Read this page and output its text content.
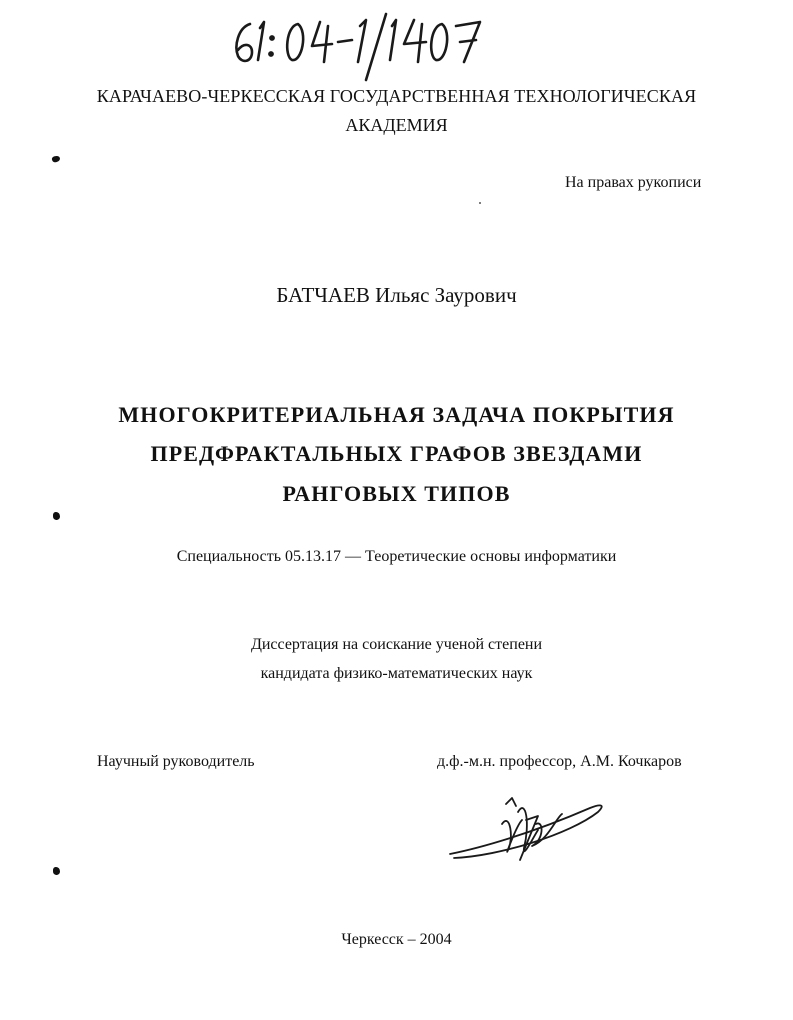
КАРАЧАЕВО-ЧЕРКЕССКАЯ ГОСУДАРСТВЕННАЯ ТЕХНОЛОГИЧЕСКАЯ
АКАДЕМИЯ
На правах рукописи
БАТЧАЕВ Ильяс Заурович
МНОГОКРИТЕРИАЛЬНАЯ ЗАДАЧА ПОКРЫТИЯ
ПРЕДФРАКТАЛЬНЫХ ГРАФОВ ЗВЕЗДАМИ
РАНГОВЫХ ТИПОВ
Специальность 05.13.17 — Теоретические основы информатики
Диссертация на соискание ученой степени
кандидата физико-математических наук
Научный руководитель	д.ф.-м.н. профессор, А.М. Кочкаров
Черкесск – 2004
